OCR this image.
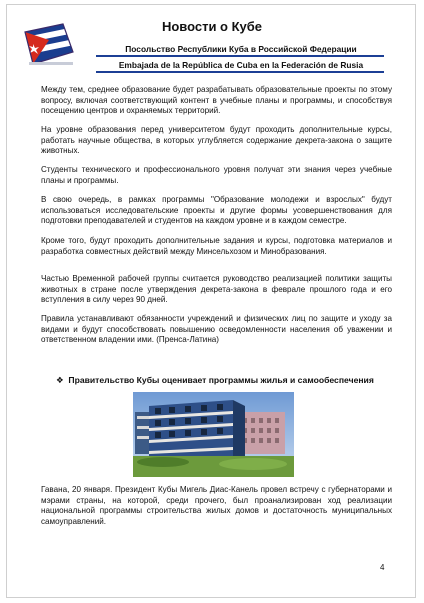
Новости о Кубе
Посольство Республики Куба в Российской Федерации
Embajada de la República de Cuba en la Federación de Rusia

Между тем, среднее образование будет разрабатывать образовательные проекты по этому вопросу, включая соответствующий контент в учебные планы и программы, и способствуя посещению центров и охраняемых территорий.

На уровне образования перед университетом будут проходить дополнительные курсы, работать научные общества, в которых углубляется содержание декрета-закона о защите животных.

Студенты технического и профессионального уровня получат эти знания через учебные планы и программы.

В свою очередь, в рамках программы "Образование молодежи и взрослых" будут использоваться исследовательские проекты и другие формы усовершенствования для подготовки преподавателей и студентов на каждом уровне и в каждом семестре.

Кроме того, будут проходить дополнительные задания и курсы, подготовка материалов и разработка совместных действий между Минсельхозом и Минобразования.

Частью Временной рабочей группы считается руководство реализацией политики защиты животных в стране после утверждения декрета-закона в феврале прошлого года и его вступления в силу через 90 дней.

Правила устанавливают обязанности учреждений и физических лиц по защите и уходу за видами и будут способствовать повышению осведомленности населения об уважении и ответственном владении ими. (Пренса-Латина)

❖ Правительство Кубы оценивает программы жилья и самообеспечения

Гавана, 20 января. Президент Кубы Мигель Диас-Канель провел встречу с губернаторами и мэрами страны, на которой, среди прочего, был проанализирован ход реализации национальной программы строительства жилых домов и достаточность муниципальных самоуправлений.

4
